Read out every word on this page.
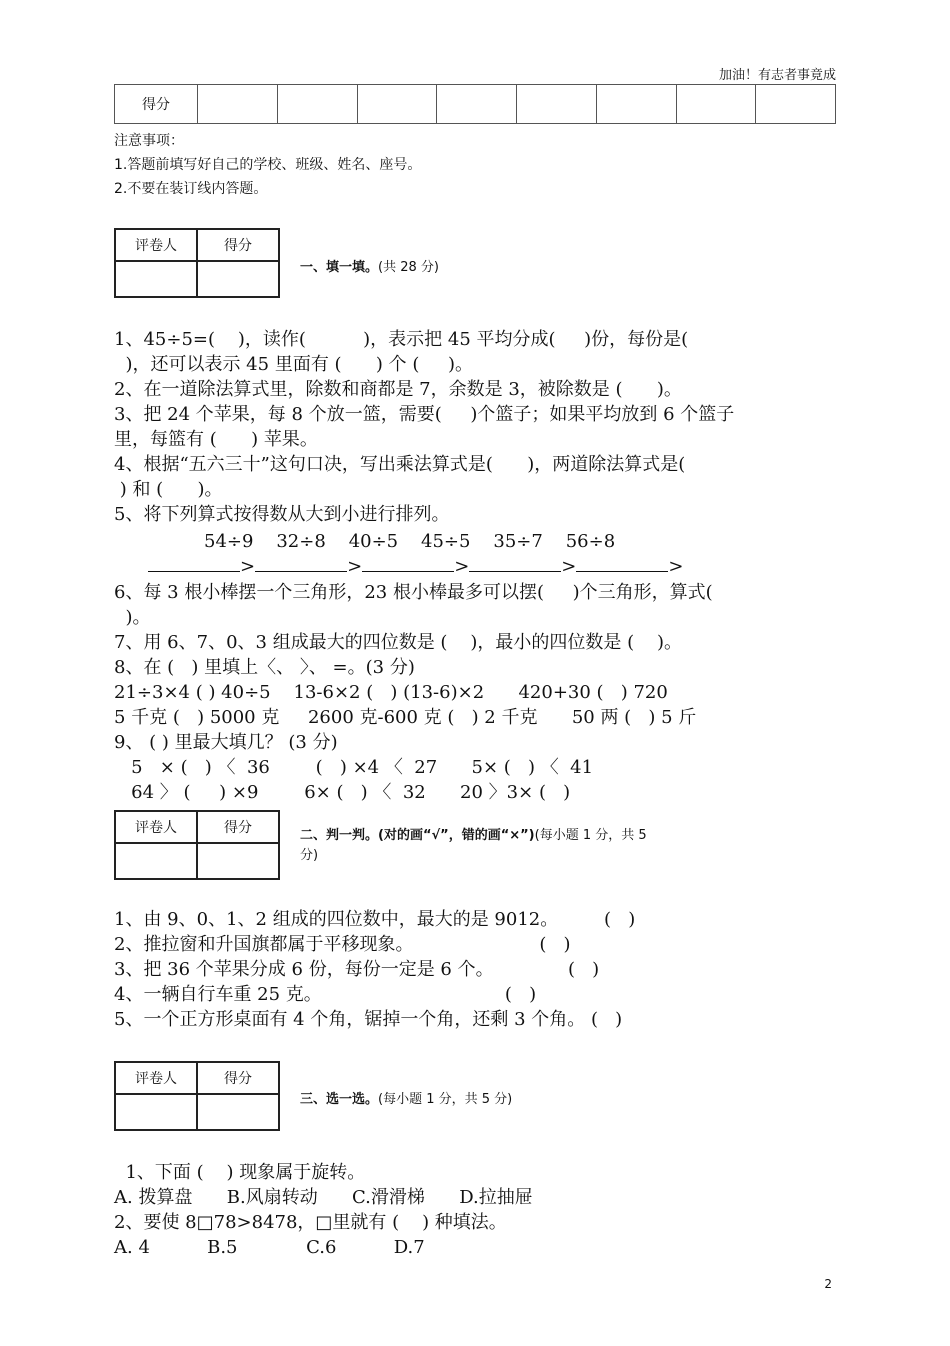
加油！有志者事竟成
得分								
注意事项：
1.答题前填写好自己的学校、班级、姓名、座号。
2.不要在装订线内答题。
评卷人	得分

一、填一填。(共 28 分)
1、45÷5=(    )，读作(          )，表示把 45 平均分成(     )份，每份是(
)，还可以表示 45 里面有 (      ) 个 (     )。
2、在一道除法算式里，除数和商都是 7，余数是 3，被除数是 (      )。
3、把 24 个苹果，每 8 个放一篮，需要(     )个篮子；如果平均放到 6 个篮子
里，每篮有 (      ) 苹果。
4、根据“五六三十”这句口决，写出乘法算式是(      )，两道除法算式是(
) 和 (      )。
5、将下列算式按得数从大到小进行排列。
54÷9 32÷8 40÷5 45÷5 35÷7 56÷8
>	>	>	>	>
6、每 3 根小棒摆一个三角形，23 根小棒最多可以摆(     )个三角形，算式(
)。
7、用 6、7、0、3 组成最大的四位数是 (    )，最小的四位数是 (    )。
8、在 (   ) 里填上〈、 〉、 =。(3 分)
21÷3×4 ( ) 40÷5    13-6×2 (   ) (13-6)×2      420+30 (   ) 720
5 千克 (   ) 5000 克     2600 克-600 克 (   ) 2 千克      50 两 (   ) 5 斤
9、 ( ) 里最大填几？ (3 分)
5   × (   ) 〈  36        (   ) ×4 〈  27      5× (   ) 〈  41
64 〉 (     ) ×9        6× (   ) 〈  32      20 〉3× (   )
评卷人	得分
		二、判一判。(对的画“√”，错的画“×”)(每小题 1 分，共 5
分)
1、由 9、0、1、2 组成的四位数中，最大的是 9012。        (   )
2、推拉窗和升国旗都属于平移现象。                      (   )
3、把 36 个苹果分成 6 份，每份一定是 6 个。             (   )
4、一辆自行车重 25 克。                                (   )
5、一个正方形桌面有 4 个角，锯掉一个角，还剩 3 个角。 (   )
评卷人	得分

三、选一选。(每小题 1 分，共 5 分)
1、下面 (    ) 现象属于旋转。
A. 拨算盘      B.风扇转动      C.滑滑梯      D.拉抽屉
2、要使 8□78>8478，□里就有 (    ) 种填法。
A. 4          B.5            C.6          D.7
2
